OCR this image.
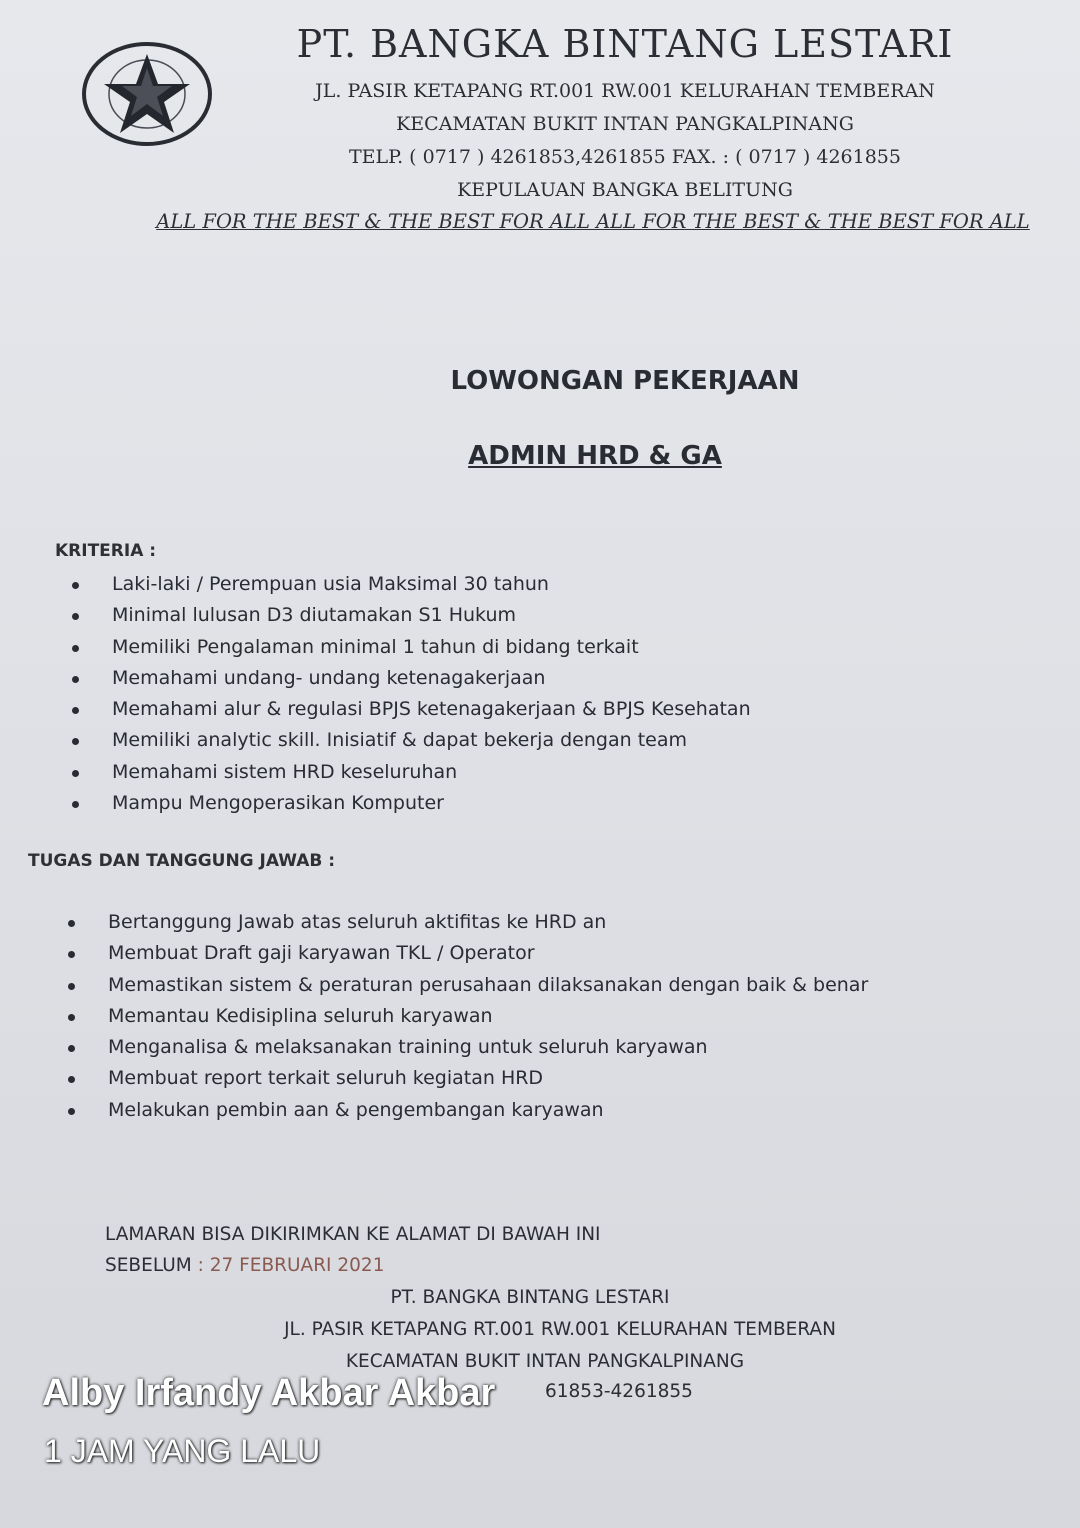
PT. BANGKA BINTANG LESTARI
JL. PASIR KETAPANG RT.001 RW.001 KELURAHAN TEMBERAN
KECAMATAN BUKIT INTAN PANGKALPINANG
TELP. ( 0717 ) 4261853,4261855 FAX. : ( 0717 ) 4261855
KEPULAUAN BANGKA BELITUNG
ALL FOR THE BEST & THE BEST FOR ALL ALL FOR THE BEST & THE BEST FOR ALL
LOWONGAN PEKERJAAN
ADMIN HRD & GA
KRITERIA :
Laki-laki / Perempuan usia Maksimal 30 tahun
Minimal lulusan D3 diutamakan S1 Hukum
Memiliki Pengalaman minimal 1 tahun di bidang terkait
Memahami undang- undang ketenagakerjaan
Memahami alur & regulasi BPJS ketenagakerjaan & BPJS Kesehatan
Memiliki analytic skill. Inisiatif & dapat bekerja dengan team
Memahami sistem HRD keseluruhan
Mampu Mengoperasikan Komputer
TUGAS DAN TANGGUNG JAWAB :
Bertanggung Jawab atas seluruh aktifitas ke HRD an
Membuat Draft gaji karyawan TKL / Operator
Memastikan sistem & peraturan perusahaan dilaksanakan dengan baik & benar
Memantau Kedisiplina seluruh karyawan
Menganalisa & melaksanakan training untuk seluruh karyawan
Membuat report terkait seluruh kegiatan HRD
Melakukan pembin aan & pengembangan karyawan
LAMARAN BISA DIKIRIMKAN KE ALAMAT DI BAWAH INI
SEBELUM : 27 FEBRUARI 2021
PT. BANGKA BINTANG LESTARI
JL. PASIR KETAPANG RT.001 RW.001 KELURAHAN TEMBERAN
KECAMATAN BUKIT INTAN PANGKALPINANG
61853-4261855
Alby Irfandy Akbar Akbar
1 JAM YANG LALU
